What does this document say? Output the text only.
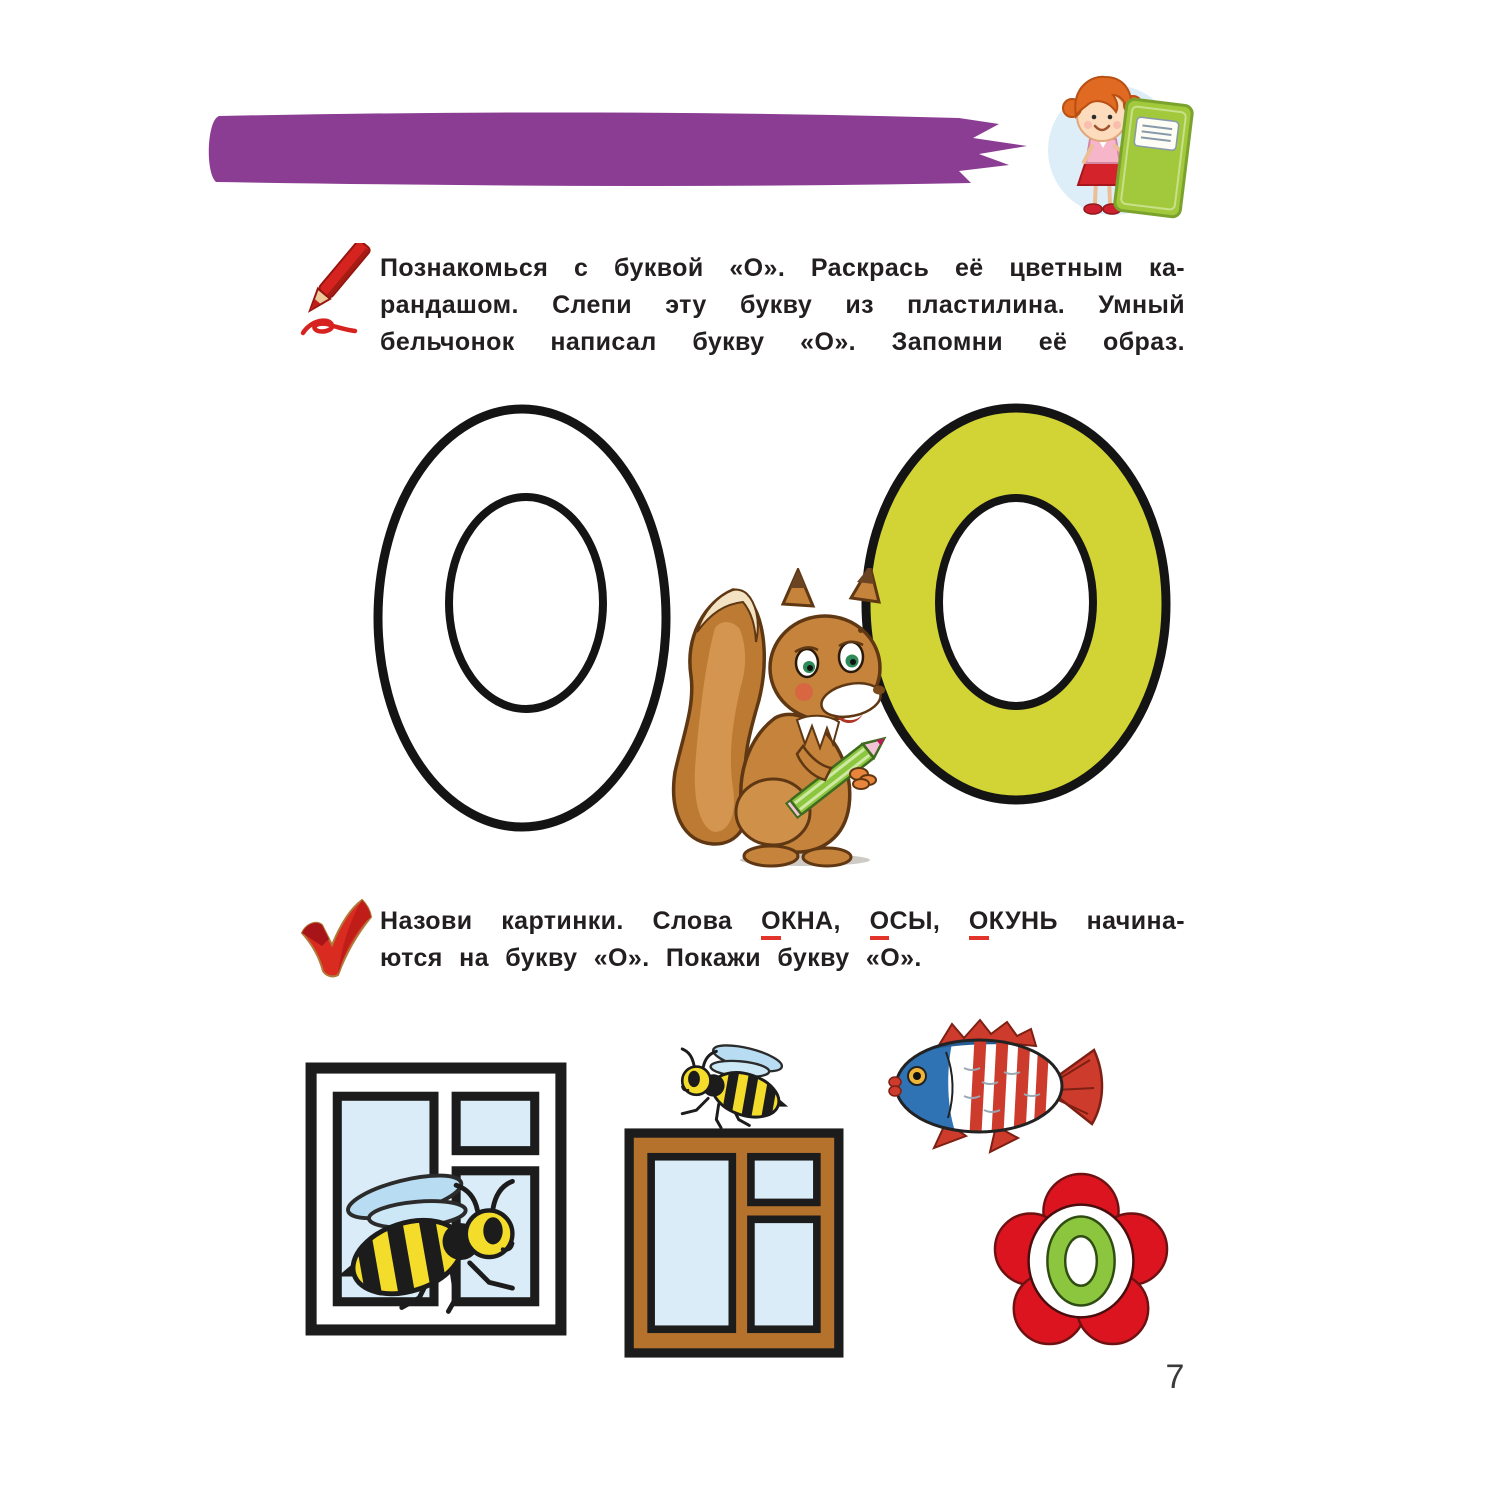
Познакомься с буквой «О». Раскрась её цветным ка-
рандашом. Слепи эту букву из пластилина. Умный
бельчонок написал букву «О». Запомни её образ.
Назови картинки. Слова ОКНА, ОСЫ, ОКУНЬ начина-
ются на букву «О». Покажи букву «О».
7
